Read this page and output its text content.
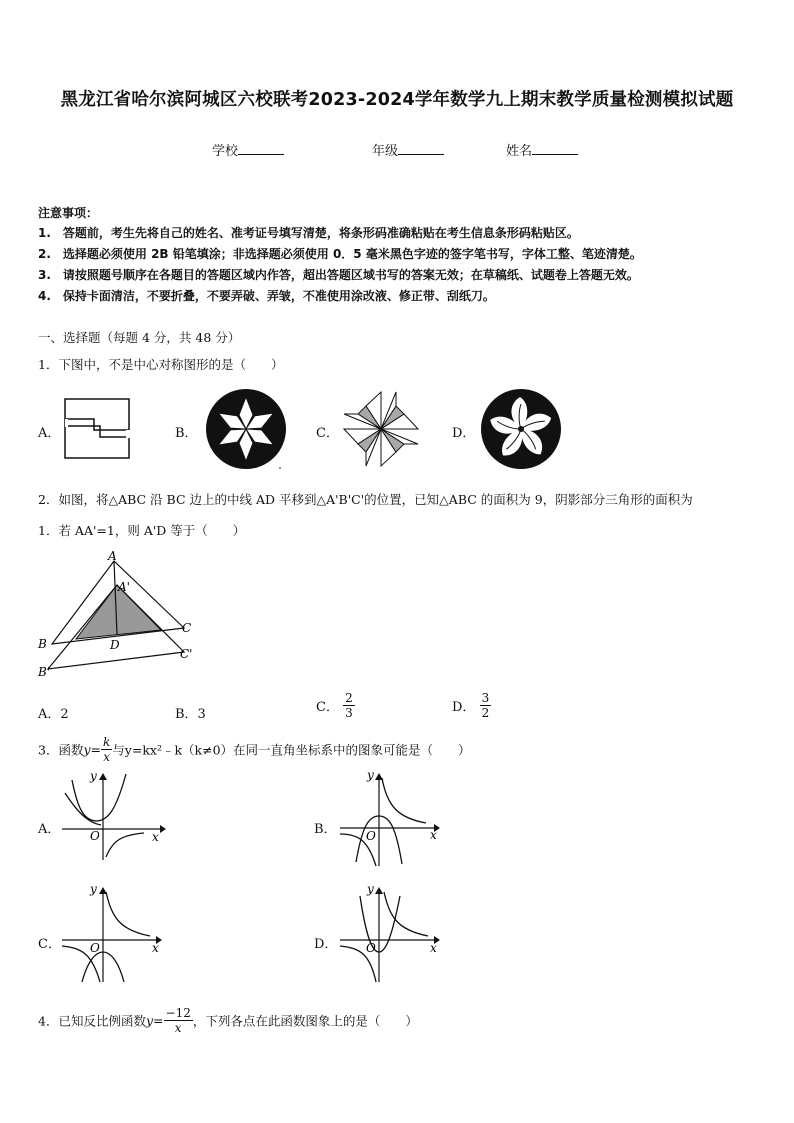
黑龙江省哈尔滨阿城区六校联考2023-2024学年数学九上期末教学质量检测模拟试题
学校	年级	姓名
注意事项：
1.　答题前，考生先将自己的姓名、准考证号填写清楚，将条形码准确粘贴在考生信息条形码粘贴区。
2.　选择题必须使用 2B 铅笔填涂；非选择题必须使用 0．5 毫米黑色字迹的签字笔书写，字体工整、笔迹清楚。
3.　请按照题号顺序在各题目的答题区域内作答，超出答题区域书写的答案无效；在草稿纸、试题卷上答题无效。
4.　保持卡面清洁，不要折叠，不要弄破、弄皱，不准使用涂改液、修正带、刮纸刀。
一、选择题（每题 4 分，共 48 分）
1．下图中，不是中心对称图形的是（　　）
A．	B．	C．	D．
2．如图，将△ABC 沿 BC 边上的中线 AD 平移到△A'B'C'的位置，已知△ABC 的面积为 9，阴影部分三角形的面积为
1．若 AA'=1，则 A'D 等于（　　）
A
A'
B
B'
C
C'
D
A．2	B．3	C． $\frac{2}{3}$	D． $\frac{3}{2}$
3．函数$y= \frac{k}{x}$ 与y=kx²﹣k（k≠0）在同一直角坐标系中的图象可能是（　　）
A．	B．
C．	D．
y
x
O
y
x
O
y
x
O
y
x
O
4．已知反比例函数$y= \frac{-12}{x}$ ，下列各点在此函数图象上的是（　　）
